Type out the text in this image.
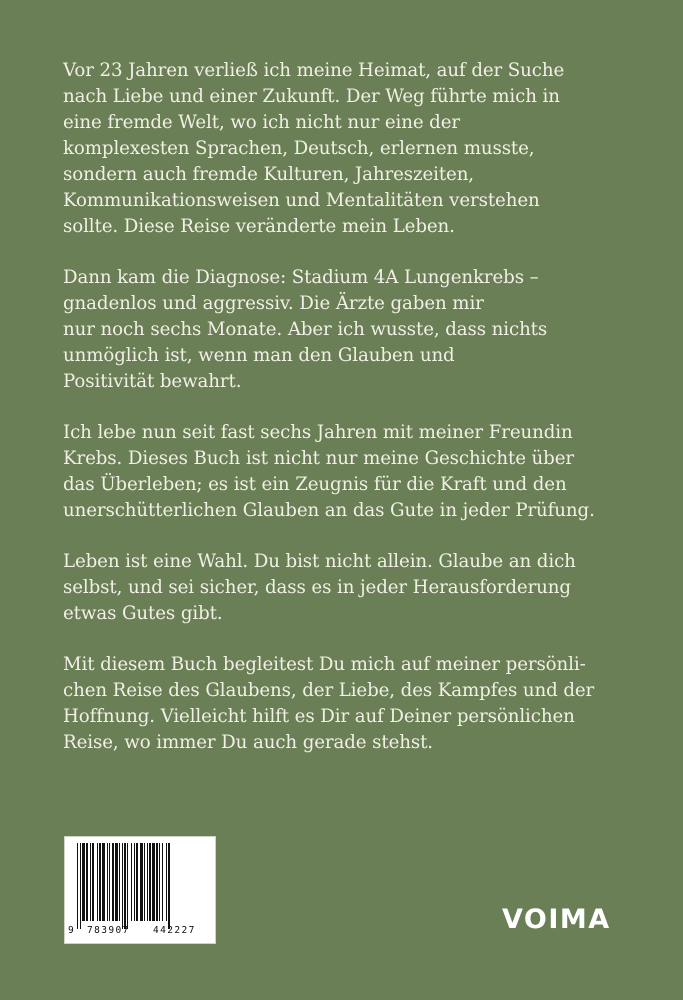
Vor 23 Jahren verließ ich meine Heimat, auf der Suche
nach Liebe und einer Zukunft. Der Weg führte mich in
eine fremde Welt, wo ich nicht nur eine der
komplexesten Sprachen, Deutsch, erlernen musste,
sondern auch fremde Kulturen, Jahreszeiten,
Kommunikationsweisen und Mentalitäten verstehen
sollte. Diese Reise veränderte mein Leben.

Dann kam die Diagnose: Stadium 4A Lungenkrebs –
gnadenlos und aggressiv. Die Ärzte gaben mir
nur noch sechs Monate. Aber ich wusste, dass nichts
unmöglich ist, wenn man den Glauben und
Positivität bewahrt.

Ich lebe nun seit fast sechs Jahren mit meiner Freundin
Krebs. Dieses Buch ist nicht nur meine Geschichte über
das Überleben; es ist ein Zeugnis für die Kraft und den
unerschütterlichen Glauben an das Gute in jeder Prüfung.

Leben ist eine Wahl. Du bist nicht allein. Glaube an dich
selbst, und sei sicher, dass es in jeder Herausforderung
etwas Gutes gibt.

Mit diesem Buch begleitest Du mich auf meiner persönli-
chen Reise des Glaubens, der Liebe, des Kampfes und der
Hoffnung. Vielleicht hilft es Dir auf Deiner persönlichen
Reise, wo immer Du auch gerade stehst.

9 783907 442227	VOIMA
